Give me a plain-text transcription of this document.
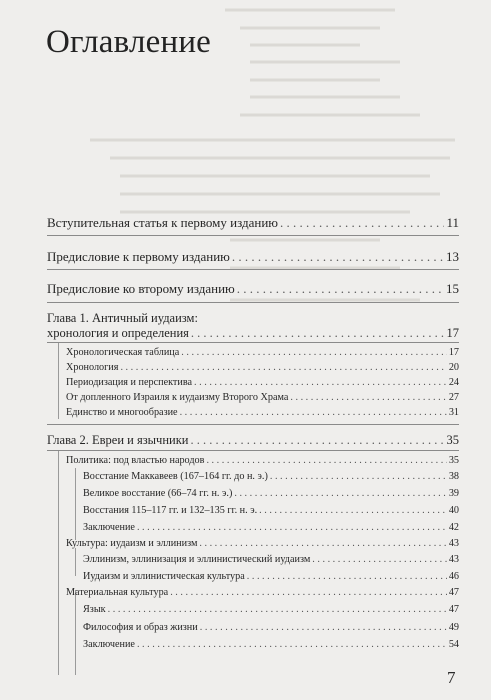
Оглавление
Вступительная статья к первому изданию . . .	11
Предисловие к первому изданию . . .	13
Предисловие ко второму изданию . . .	15
Глава 1. Античный иудаизм:
хронология и определения . . .	17
Хронологическая таблица . . .	17
Хронология . . .	20
Периодизация и перспектива . . .	24
От допленного Израиля к иудаизму Второго Храма . . .	27
Единство и многообразие . . .	31
Глава 2. Евреи и язычники . . .	35
Политика: под властью народов . . .	35
Восстание Маккавеев (167–164 гг. до н. э.) . . .	38
Великое восстание (66–74 гг. н. э.) . . .	39
Восстания 115–117 гг. и 132–135 гг. н. э. . . .	40
Заключение . . .	42
Культура: иудаизм и эллинизм . . .	43
Эллинизм, эллинизация и эллинистический иудаизм . . .	43
Иудаизм и эллинистическая культура . . .	46
Материальная культура . . .	47
Язык . . .	47
Философия и образ жизни . . .	49
Заключение . . .	54
7
